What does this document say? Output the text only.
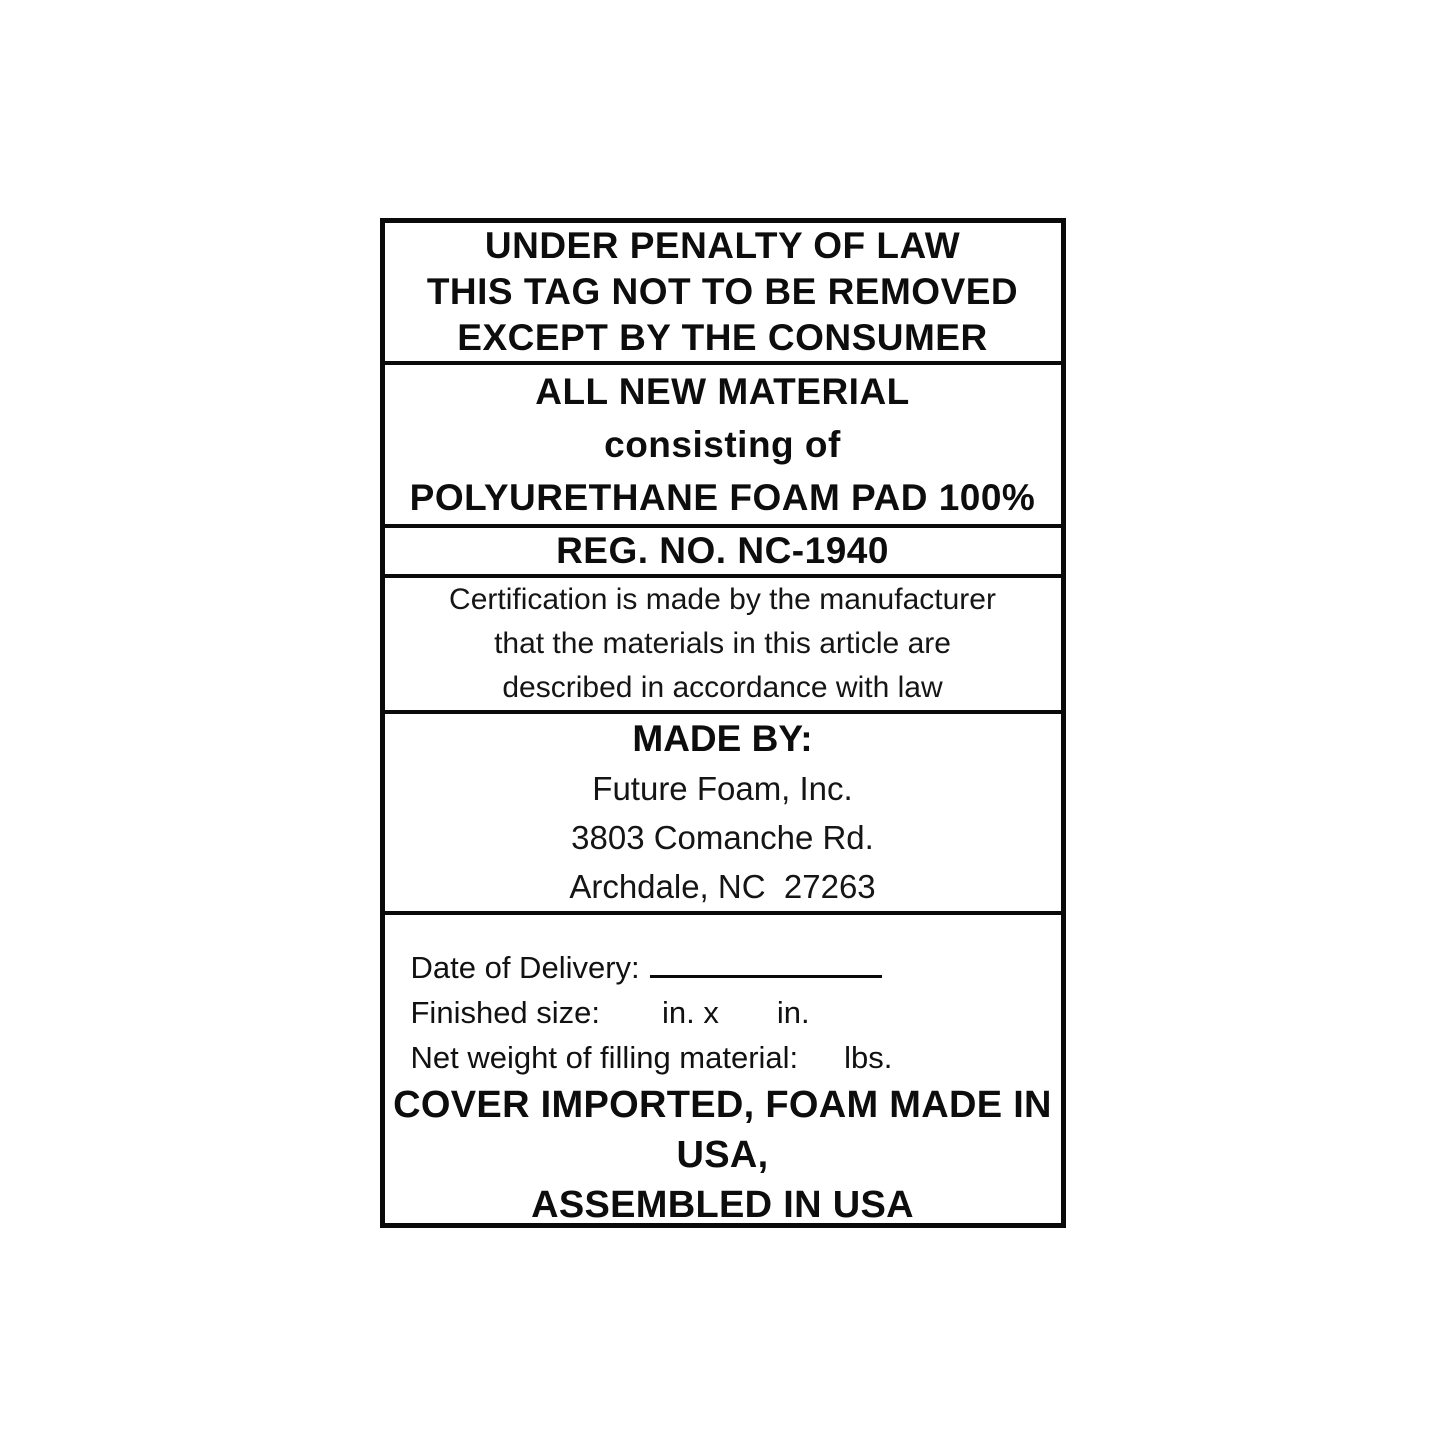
UNDER PENALTY OF LAW
THIS TAG NOT TO BE REMOVED
EXCEPT BY THE CONSUMER
ALL NEW MATERIAL
consisting of
POLYURETHANE FOAM PAD 100%
REG. NO. NC-1940
Certification is made by the manufacturer
that the materials in this article are
described in accordance with law
MADE BY:
Future Foam, Inc.
3803 Comanche Rd.
Archdale, NC  27263
Date of Delivery:
Finished size: in. x in.
Net weight of filling material: lbs.
COVER IMPORTED, FOAM MADE IN USA,
ASSEMBLED IN USA
